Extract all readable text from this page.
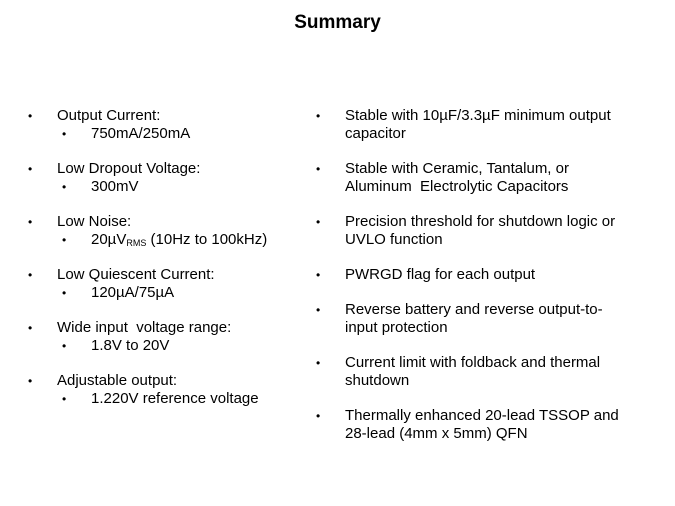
Summary
• Output Current:
• 750mA/250mA
• Low Dropout Voltage:
• 300mV
• Low Noise:
• 20µV$_{RMS}$ (10Hz to 100kHz)
• Low Quiescent Current:
• 120µA/75µA
• Wide input  voltage range:
• 1.8V to 20V
• Adjustable output:
• 1.220V reference voltage
• Stable with 10µF/3.3µF minimum output
capacitor
• Stable with Ceramic, Tantalum, or
Aluminum  Electrolytic Capacitors
• Precision threshold for shutdown logic or
UVLO function
• PWRGD flag for each output
• Reverse battery and reverse output-to-
input protection
• Current limit with foldback and thermal
shutdown
• Thermally enhanced 20-lead TSSOP and
28-lead (4mm x 5mm) QFN
